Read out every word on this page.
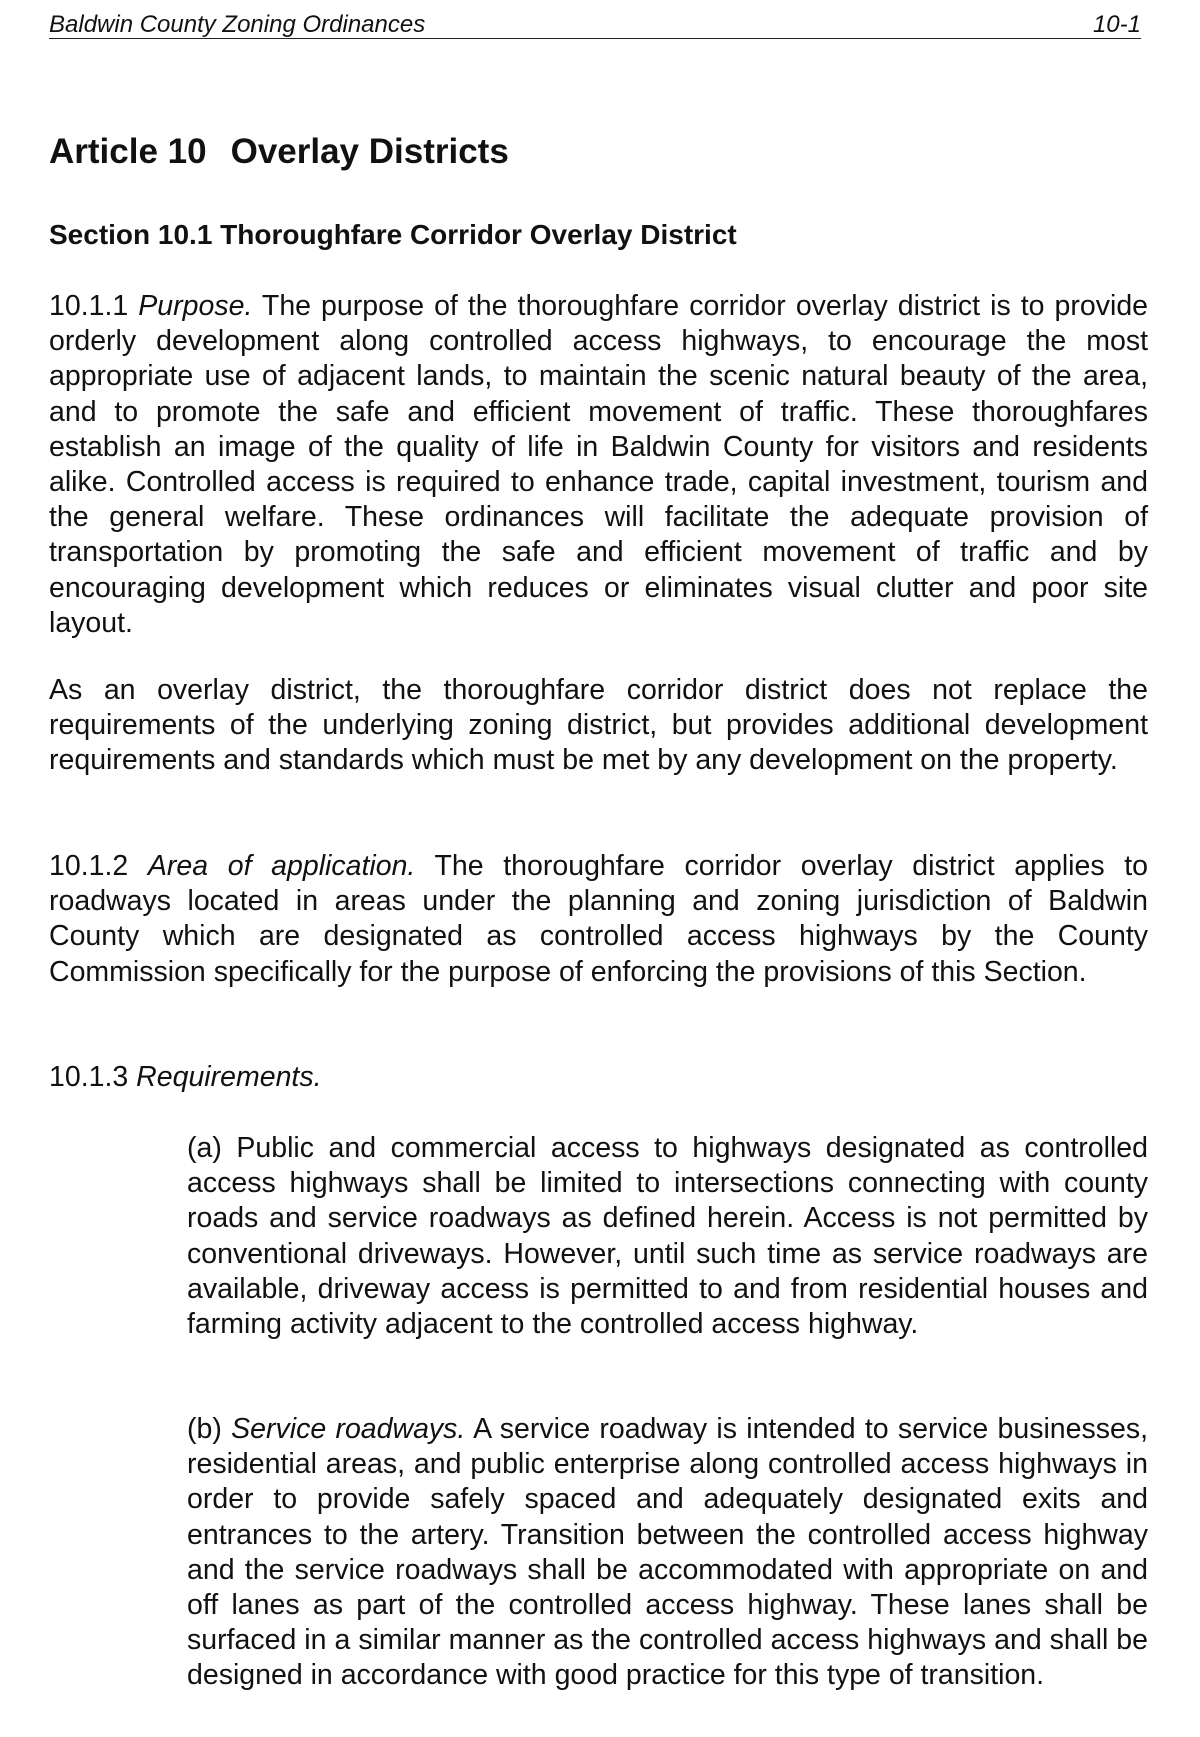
Baldwin County Zoning Ordinances	10-1
Article 10 Overlay Districts
Section 10.1 Thoroughfare Corridor Overlay District

10.1.1 Purpose. The purpose of the thoroughfare corridor overlay district is to provide orderly development along controlled access highways, to encourage the most appropriate use of adjacent lands, to maintain the scenic natural beauty of the area, and to promote the safe and efficient movement of traffic. These thoroughfares establish an image of the quality of life in Baldwin County for visitors and residents alike. Controlled access is required to enhance trade, capital investment, tourism and the general welfare. These ordinances will facilitate the adequate provision of transportation by promoting the safe and efficient movement of traffic and by encouraging development which reduces or eliminates visual clutter and poor site layout.

As an overlay district, the thoroughfare corridor district does not replace the requirements of the underlying zoning district, but provides additional development requirements and standards which must be met by any development on the property.

10.1.2 Area of application. The thoroughfare corridor overlay district applies to roadways located in areas under the planning and zoning jurisdiction of Baldwin County which are designated as controlled access highways by the County Commission specifically for the purpose of enforcing the provisions of this Section.

10.1.3 Requirements.

(a) Public and commercial access to highways designated as controlled access highways shall be limited to intersections connecting with county roads and service roadways as defined herein. Access is not permitted by conventional driveways. However, until such time as service roadways are available, driveway access is permitted to and from residential houses and farming activity adjacent to the controlled access highway.

(b) Service roadways. A service roadway is intended to service businesses, residential areas, and public enterprise along controlled access highways in order to provide safely spaced and adequately designated exits and entrances to the artery. Transition between the controlled access highway and the service roadways shall be accommodated with appropriate on and off lanes as part of the controlled access highway. These lanes shall be surfaced in a similar manner as the controlled access highways and shall be designed in accordance with good practice for this type of transition.
